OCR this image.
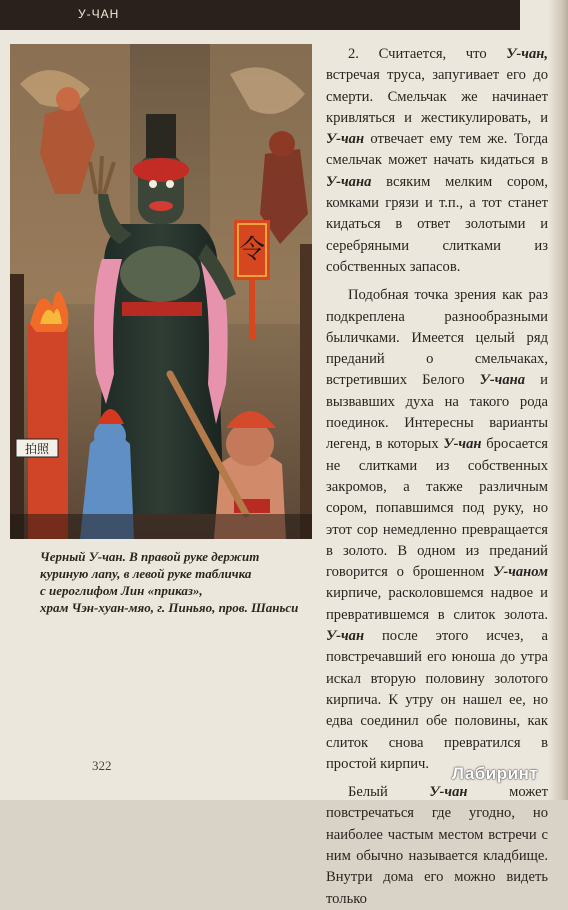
У-ЧАН
令
拍照

Черный У-чан. В правой руке держит

куриную лапу, в левой руке табличка

с иероглифом Лин «приказ»,

храм Чэн-хуан-мяо, г. Пиньяо, пров. Шаньси

2. Считается, что У-чан, встречая труса, запугивает его до смерти. Смельчак же начинает кривляться и жестикулировать, и У-чан отвечает ему тем же. Тогда смельчак может начать кидаться в У-чана всяким мелким сором, комками грязи и т.п., а тот станет кидаться в ответ золотыми и серебряными слитками из собственных запасов.

Подобная точка зрения как раз подкреплена разнообразными быличками. Имеется целый ряд преданий о смельчаках, встретивших Белого У-чана и вызвавших духа на такого рода поединок. Интересны варианты легенд, в которых У-чан бросается не слитками из собственных закромов, а также различным сором, попавшимся под руку, но этот сор немедленно превращается в золото. В одном из преданий говорится о брошенном У-чаном кирпиче, расколовшемся надвое и превратившемся в слиток золота. У-чан после этого исчез, а повстречавший его юноша до утра искал вторую половину золотого кирпича. К утру он нашел ее, но едва соединил обе половины, как слиток снова превратился в простой кирпич.

Белый У-чан может повстречаться где угодно, но наиболее частым местом встречи с ним обычно называется кладбище. Внутри дома его можно видеть только

322	Лабиринт
